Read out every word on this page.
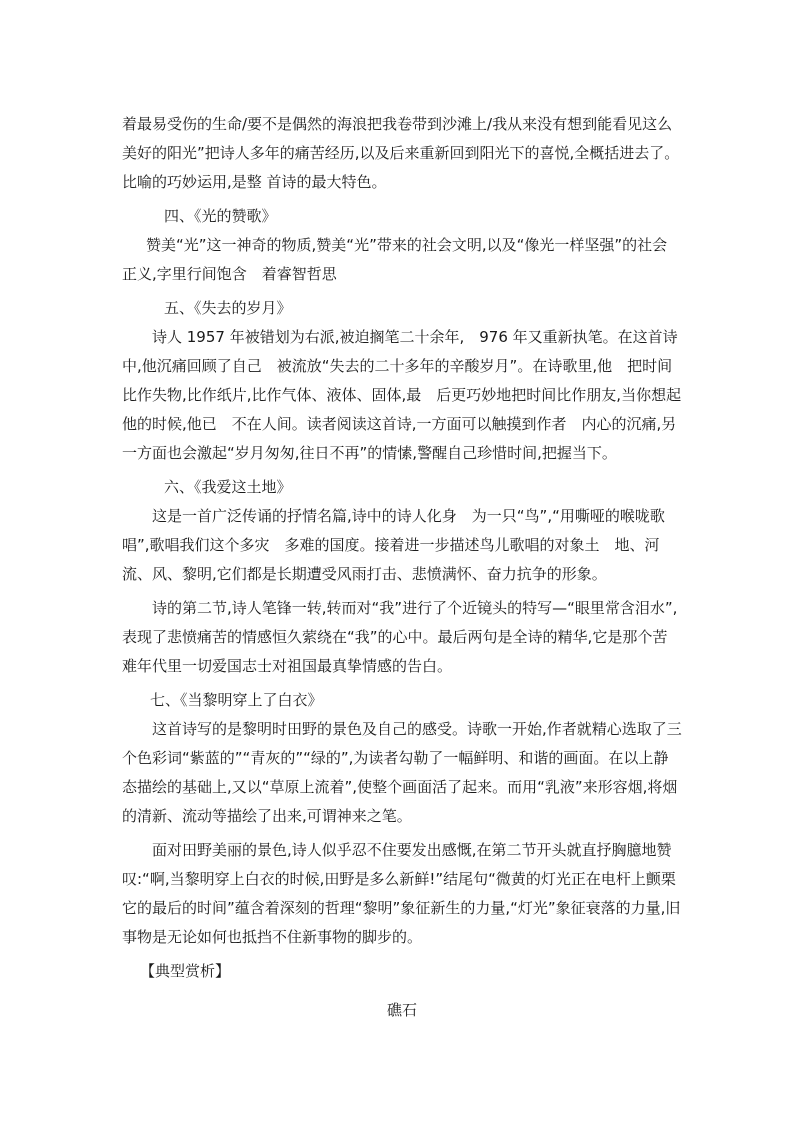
着最易受伤的生命/要不是偶然的海浪把我卷带到沙滩上/我从来没有想到能看见这么美好的阳光”把诗人多年的痛苦经历,以及后来重新回到阳光下的喜悦,全概括进去了。比喻的巧妙运用,是整 首诗的最大特色。

四、《光的赞歌》

赞美“光”这一神奇的物质,赞美“光”带来的社会文明,以及“像光一样坚强”的社会正义,字里行间饱含　着睿智哲思

五、《失去的岁月》

诗人 1957 年被错划为右派,被迫搁笔二十余年,　976 年又重新执笔。在这首诗中,他沉痛回顾了自己　被流放“失去的二十多年的辛酸岁月”。在诗歌里,他　把时间比作失物,比作纸片,比作气体、液体、固体,最　后更巧妙地把时间比作朋友,当你想起他的时候,他已　不在人间。读者阅读这首诗,一方面可以触摸到作者　内心的沉痛,另一方面也会激起“岁月匆匆,往日不再”的情愫,警醒自己珍惜时间,把握当下。

六、《我爱这土地》

这是一首广泛传诵的抒情名篇,诗中的诗人化身　为一只“鸟”,“用嘶哑的喉咙歌唱”,歌唱我们这个多灾　多难的国度。接着进一步描述鸟儿歌唱的对象土　地、河流、风、黎明,它们都是长期遭受风雨打击、悲愤满怀、奋力抗争的形象。

诗的第二节,诗人笔锋一转,转而对“我”进行了个近镜头的特写—“眼里常含泪水”,表现了悲愤痛苦的情感恒久萦绕在“我”的心中。最后两句是全诗的精华,它是那个苦难年代里一切爱国志士对祖国最真挚情感的告白。

七、《当黎明穿上了白衣》

这首诗写的是黎明时田野的景色及自己的感受。诗歌一开始,作者就精心选取了三个色彩词“紫蓝的”“青灰的”“绿的”,为读者勾勒了一幅鲜明、和谐的画面。在以上静态描绘的基础上,又以“草原上流着”,使整个画面活了起来。而用“乳液”来形容烟,将烟的清新、流动等描绘了出来,可谓神来之笔。

面对田野美丽的景色,诗人似乎忍不住要发出感慨,在第二节开头就直抒胸臆地赞叹:“啊,当黎明穿上白衣的时候,田野是多么新鲜!”结尾句“微黄的灯光正在电杆上颤栗它的最后的时间”蕴含着深刻的哲理“黎明”象征新生的力量,“灯光”象征衰落的力量,旧事物是无论如何也抵挡不住新事物的脚步的。

【典型赏析】

礁石
